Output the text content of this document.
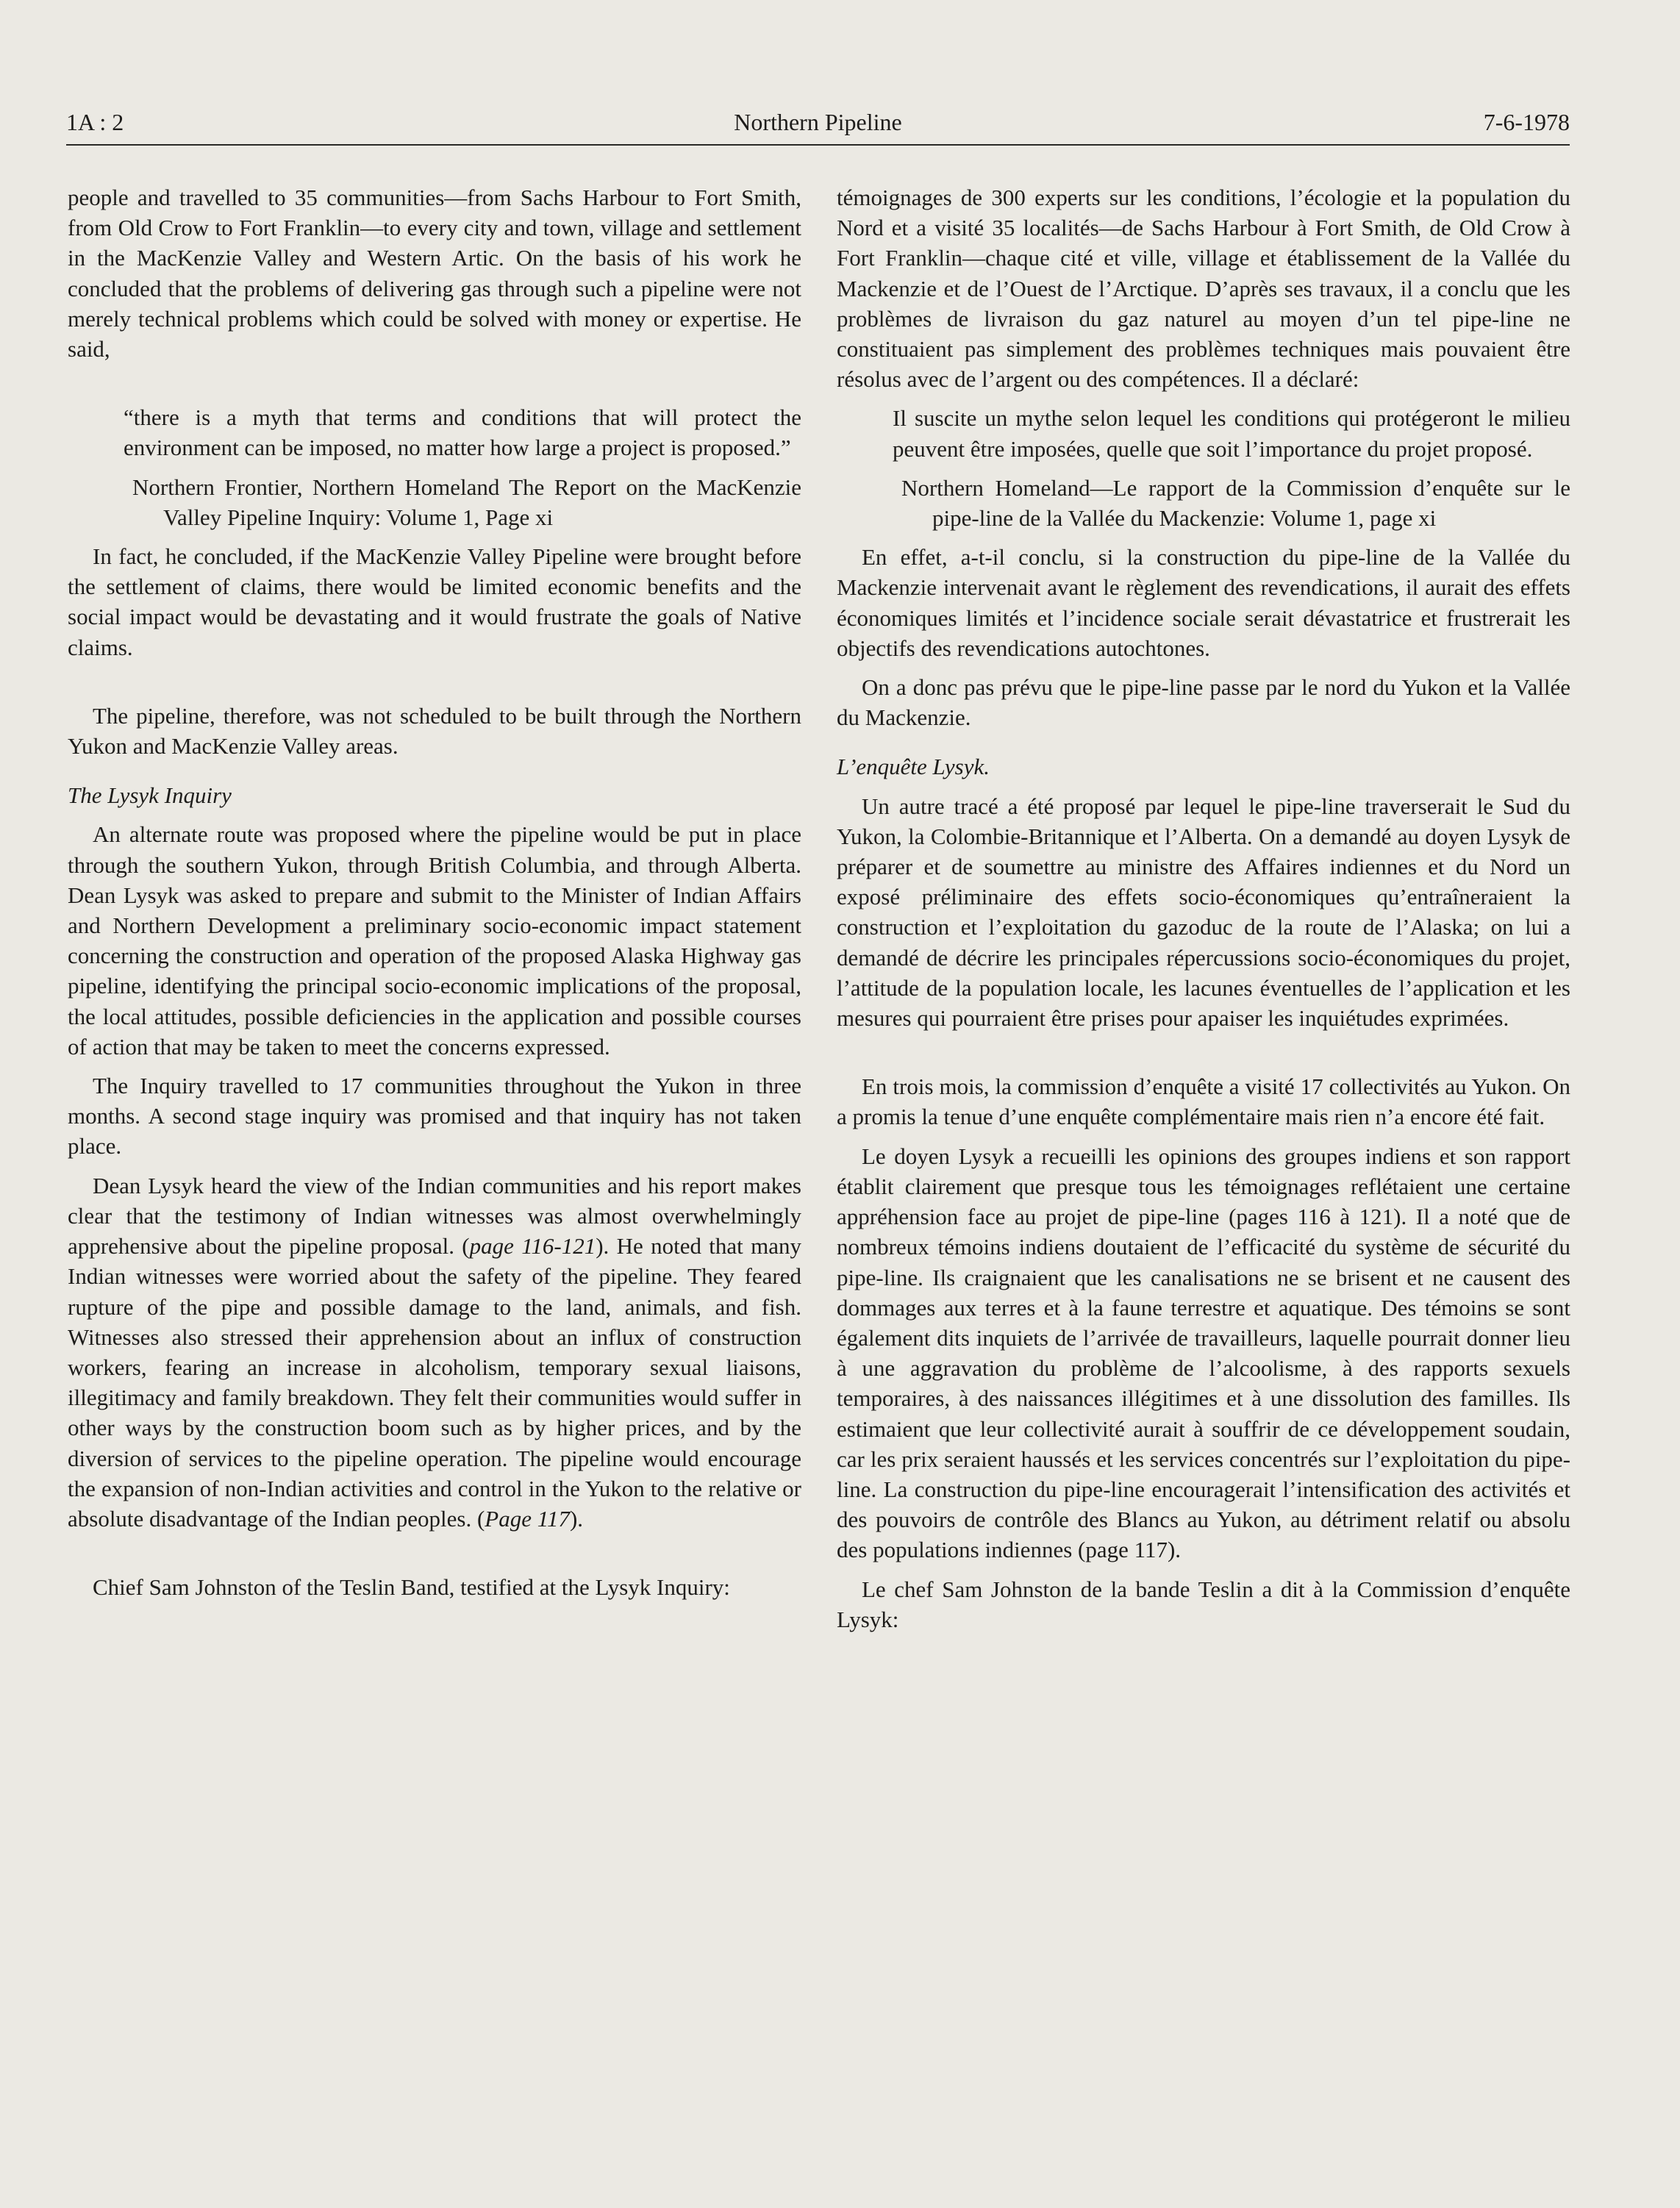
1A : 2	Northern Pipeline	7-6-1978

people and travelled to 35 communities—from Sachs Harbour to Fort Smith, from Old Crow to Fort Franklin—to every city and town, village and settlement in the MacKenzie Valley and Western Artic. On the basis of his work he concluded that the problems of delivering gas through such a pipeline were not merely technical problems which could be solved with money or expertise. He said,

“there is a myth that terms and conditions that will protect the environment can be imposed, no matter how large a project is proposed.”

Northern Frontier, Northern Homeland The Report on the MacKenzie Valley Pipeline Inquiry: Volume 1, Page xi

In fact, he concluded, if the MacKenzie Valley Pipeline were brought before the settlement of claims, there would be limited economic benefits and the social impact would be devastating and it would frustrate the goals of Native claims.

The pipeline, therefore, was not scheduled to be built through the Northern Yukon and MacKenzie Valley areas.

The Lysyk Inquiry

An alternate route was proposed where the pipeline would be put in place through the southern Yukon, through British Columbia, and through Alberta. Dean Lysyk was asked to prepare and submit to the Minister of Indian Affairs and Northern Development a preliminary socio-economic impact statement concerning the construction and operation of the proposed Alaska Highway gas pipeline, identifying the principal socio-economic implications of the proposal, the local attitudes, possible deficiencies in the application and possible courses of action that may be taken to meet the concerns expressed.

The Inquiry travelled to 17 communities throughout the Yukon in three months. A second stage inquiry was promised and that inquiry has not taken place.

Dean Lysyk heard the view of the Indian communities and his report makes clear that the testimony of Indian witnesses was almost overwhelmingly apprehensive about the pipeline proposal. (page 116-121). He noted that many Indian witnesses were worried about the safety of the pipeline. They feared rupture of the pipe and possible damage to the land, animals, and fish. Witnesses also stressed their apprehension about an influx of construction workers, fearing an increase in alcoholism, temporary sexual liaisons, illegitimacy and family breakdown. They felt their communities would suffer in other ways by the construction boom such as by higher prices, and by the diversion of services to the pipeline operation. The pipeline would encourage the expansion of non-Indian activities and control in the Yukon to the relative or absolute disadvantage of the Indian peoples. (Page 117).

Chief Sam Johnston of the Teslin Band, testified at the Lysyk Inquiry:

témoignages de 300 experts sur les conditions, l’écologie et la population du Nord et a visité 35 localités—de Sachs Harbour à Fort Smith, de Old Crow à Fort Franklin—chaque cité et ville, village et établissement de la Vallée du Mackenzie et de l’Ouest de l’Arctique. D’après ses travaux, il a conclu que les problèmes de livraison du gaz naturel au moyen d’un tel pipe-line ne constituaient pas simplement des problèmes techniques mais pouvaient être résolus avec de l’argent ou des compétences. Il a déclaré:

Il suscite un mythe selon lequel les conditions qui protégeront le milieu peuvent être imposées, quelle que soit l’importance du projet proposé.

Northern Homeland—Le rapport de la Commission d’enquête sur le pipe-line de la Vallée du Mackenzie: Volume 1, page xi

En effet, a-t-il conclu, si la construction du pipe-line de la Vallée du Mackenzie intervenait avant le règlement des revendications, il aurait des effets économiques limités et l’incidence sociale serait dévastatrice et frustrerait les objectifs des revendications autochtones.

On a donc pas prévu que le pipe-line passe par le nord du Yukon et la Vallée du Mackenzie.

L’enquête Lysyk.

Un autre tracé a été proposé par lequel le pipe-line traverserait le Sud du Yukon, la Colombie-Britannique et l’Alberta. On a demandé au doyen Lysyk de préparer et de soumettre au ministre des Affaires indiennes et du Nord un exposé préliminaire des effets socio-économiques qu’entraîneraient la construction et l’exploitation du gazoduc de la route de l’Alaska; on lui a demandé de décrire les principales répercussions socio-économiques du projet, l’attitude de la population locale, les lacunes éventuelles de l’application et les mesures qui pourraient être prises pour apaiser les inquiétudes exprimées.

En trois mois, la commission d’enquête a visité 17 collectivités au Yukon. On a promis la tenue d’une enquête complémentaire mais rien n’a encore été fait.

Le doyen Lysyk a recueilli les opinions des groupes indiens et son rapport établit clairement que presque tous les témoignages reflétaient une certaine appréhension face au projet de pipe-line (pages 116 à 121). Il a noté que de nombreux témoins indiens doutaient de l’efficacité du système de sécurité du pipe-line. Ils craignaient que les canalisations ne se brisent et ne causent des dommages aux terres et à la faune terrestre et aquatique. Des témoins se sont également dits inquiets de l’arrivée de travailleurs, laquelle pourrait donner lieu à une aggravation du problème de l’alcoolisme, à des rapports sexuels temporaires, à des naissances illégitimes et à une dissolution des familles. Ils estimaient que leur collectivité aurait à souffrir de ce développement soudain, car les prix seraient haussés et les services concentrés sur l’exploitation du pipe-line. La construction du pipe-line encouragerait l’intensification des activités et des pouvoirs de contrôle des Blancs au Yukon, au détriment relatif ou absolu des populations indiennes (page 117).

Le chef Sam Johnston de la bande Teslin a dit à la Commission d’enquête Lysyk:
